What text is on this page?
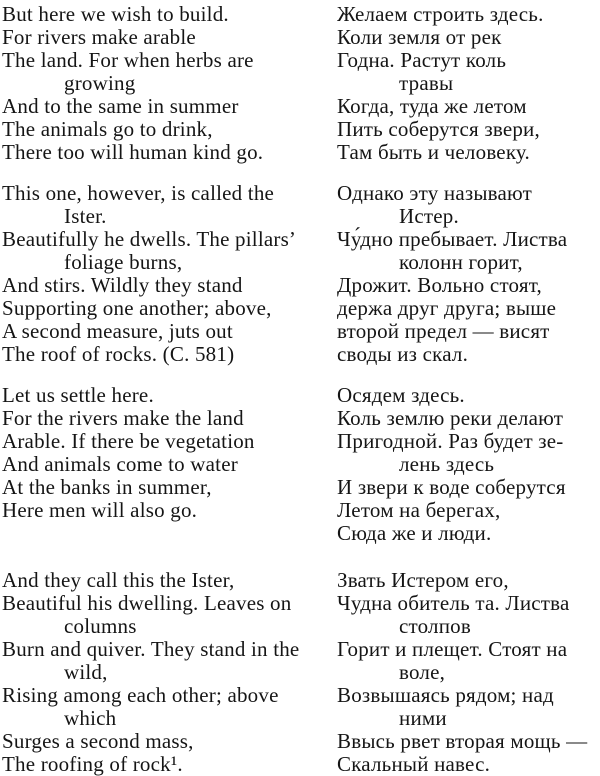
But here we wish to build.
For rivers make arable
The land. For when herbs are
growing
And to the same in summer
The animals go to drink,
There too will human kind go.
Желаем строить здесь.
Коли земля от рек
Годна. Растут коль
травы
Когда, туда же летом
Пить соберутся звери,
Там быть и человеку.
This one, however, is called the
Ister.
Beautifully he dwells. The pillars’
foliage burns,
And stirs. Wildly they stand
Supporting one another; above,
A second measure, juts out
The roof of rocks. (C. 581)
Однако эту называют
Истер.
Чу́дно пребывает. Листва
колонн горит,
Дрожит. Вольно стоят,
держа друг друга; выше
второй предел — висят
своды из скал.
Let us settle here.
For the rivers make the land
Arable. If there be vegetation
And animals come to water
At the banks in summer,
Here men will also go.
Осядем здесь.
Коль землю реки делают
Пригодной. Раз будет зе-
лень здесь
И звери к воде соберутся
Летом на берегах,
Сюда же и люди.
And they call this the Ister,
Beautiful his dwelling. Leaves on
columns
Burn and quiver. They stand in the
wild,
Rising among each other; above
which
Surges a second mass,
The roofing of rock¹.
Звать Истером его,
Чудна обитель та. Листва
столпов
Горит и плещет. Стоят на
воле,
Возвышаясь рядом; над
ними
Ввысь рвет вторая мощь —
Скальный навес.
